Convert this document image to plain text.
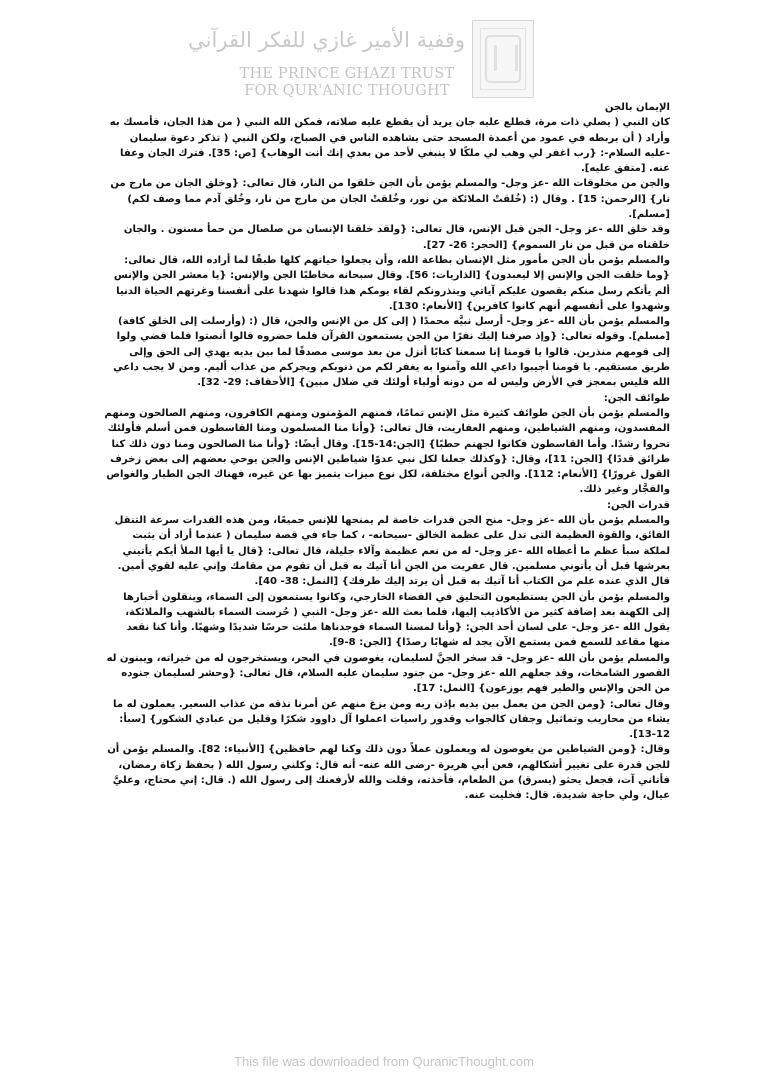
وقفية الأمير غازي للفكر القرآني
THE PRINCE GHAZI TRUST
FOR QUR'ANIC THOUGHT

الإيمان بالجن

كان النبي ( يصلي ذات مرة، فطلع عليه جان يريد أن يقطع عليه صلاته، فمكن الله النبي ( من هذا الجان، فأمسك به وأراد ( أن يربطه في عمود من أعمدة المسجد حتى يشاهده الناس في الصباح، ولكن النبي ( تذكر دعوة سليمان -عليه السلام-: {رب اغفر لي وهب لي ملكًا لا ينبغي لأحد من بعدي إنك أنت الوهاب} [ص: 35]. فترك الجان وعفا عنه. [متفق عليه].

والجن من مخلوقات الله -عز وجل- والمسلم يؤمن بأن الجن خلقوا من النار، قال تعالى: {وخلق الجان من مارج من نار} [الرحمن: 15] . وقال (: (خُلقتْ الملائكة من نور، وخُلقتْ الجان من مارج من نار، وخُلق آدم مما وصف لكم) [مسلم].

وقد خلق الله -عز وجل- الجن قبل الإنس، قال تعالى: {ولقد خلقنا الإنسان من صلصال من حمأ مسنون . والجان خلقناه من قبل من نار السموم} [الحجر: 26- 27].

والمسلم يؤمن بأن الجن مأمور مثل الإنسان بطاعة الله، وأن يجعلوا حياتهم كلها طبقًا لما أراده الله، قال تعالى: {وما خلقت الجن والإنس إلا ليعبدون} [الذاريات: 56]. وقال سبحانه مخاطبًا الجن والإنس: {يا معشر الجن والإنس ألم يأتكم رسل منكم يقصون عليكم آياتي وينذرونكم لقاء يومكم هذا قالوا شهدنا على أنفسنا وغرتهم الحياة الدنيا وشهدوا على أنفسهم أنهم كانوا كافرين} [الأنعام: 130].

والمسلم يؤمن بأن الله -عز وجل- أرسل نبيَّه محمدًا ( إلى كل من الإنس والجن، قال (: (وأرسلت إلى الخلق كافة) [مسلم]. وقوله تعالى: {وإذ صرفنا إليك نفرًا من الجن يستمعون القرآن فلما حضروه قالوا أنصتوا فلما قضي ولوا إلى قومهم منذرين. قالوا يا قومنا إنا سمعنا كتابًا أنزل من بعد موسى مصدقًا لما بين يديه يهدي إلى الحق وإلى طريق مستقيم. يا قومنا أجيبوا داعي الله وآمنوا به يغفر لكم من ذنوبكم ويجركم من عذاب أليم. ومن لا يجب داعي الله فليس بمعجز في الأرض وليس له من دونه أولياء أولئك في ضلال مبين} [الأحقاف: 29- 32].

طوائف الجن:

والمسلم يؤمن بأن الجن طوائف كثيرة مثل الإنس تمامًا، فمنهم المؤمنون ومنهم الكافرون، ومنهم الصالحون ومنهم المفسدون، ومنهم الشياطين، ومنهم العفاريت، قال تعالى: {وأنا منا المسلمون ومنا القاسطون فمن أسلم فأولئك تحروا رشدًا. وأما القاسطون فكانوا لجهنم حطبًا} [الجن:14-15]. وقال أيضًا: {وأنا منا الصالحون ومنا دون ذلك كنا طرائق قددًا} [الجن: 11]، وقال: {وكذلك جعلنا لكل نبي عدوًا شياطين الإنس والجن يوحي بعضهم إلى بعض زخرف القول غرورًا} [الأنعام: 112]. والجن أنواع مختلفة، لكل نوع ميزات يتميز بها عن غيره، فهناك الجن الطيار والغواص والفجَّار وغير ذلك.

قدرات الجن:

والمسلم يؤمن بأن الله -عز وجل- منح الجن قدرات خاصة لم يمنحها للإنس جميعًا، ومن هذه القدرات سرعة التنقل الفائق، والقوة العظيمة التى تدل على عظمة الخالق -سبحانه- ، كما جاء في قصة سليمان ( عندما أراد أن يثبت لملكة سبأ عظم ما أعطاه الله -عز وجل- له من نعم عظيمة وآلاء جليلة، قال تعالى: {قال يا أيها الملأ أيكم يأتيني بعرشها قبل أن يأتوني مسلمين. قال عفريت من الجن أنا آتيك به قبل أن تقوم من مقامك وإني عليه لقوي أمين. قال الذي عنده علم من الكتاب أنا آتيك به قبل أن يرتد إليك طرفك} [النمل: 38- 40].

والمسلم يؤمن بأن الجن يستطيعون التحليق في الفضاء الخارجي، وكانوا يستمعون إلى السماء، وينقلون أخبارها إلى الكهنة بعد إضافة كثير من الأكاذيب إليها، فلما بعث الله -عز وجل- النبي ( حُرست السماء بالشهب والملائكة، يقول الله -عز وجل- على لسان أحد الجن: {وأنا لمسنا السماء فوجدناها ملئت حرسًا شديدًا وشهبًا. وأنا كنا نقعد منها مقاعد للسمع فمن يستمع الآن يجد له شهابًا رصدًا} [الجن: 8-9].

والمسلم يؤمن بأن الله -عز وجل- قد سخر الجنَّ لسليمان، يغوصون في البحر، ويستخرجون له من خيراته، ويبنون له القصور الشامخات، وقد جعلهم الله -عز وجل- من جنود سليمان عليه السلام، قال تعالى: {وحشر لسليمان جنوده من الجن والإنس والطير فهم يوزعون} [النمل: 17].

وقال تعالى: {ومن الجن من يعمل بين يديه بإذن ربه ومن يزغ منهم عن أمرنا نذقه من عذاب السعير. يعملون له ما يشاء من محاريب وتماثيل وجفان كالجواب وقدور راسيات اعملوا آل داوود شكرًا وقليل من عبادي الشكور} [سبأ: 12-13].

وقال: {ومن الشياطين من يغوصون له ويعملون عملاً دون ذلك وكنا لهم حافظين} [الأنبياء: 82]. والمسلم يؤمن أن للجن قدرة على تغيير أشكالهم، فعن أبي هريرة -رضى الله عنه- أنه قال: وكلني رسول الله ( بحفظ زكاة رمضان، فأتاني آت، فجعل يحثو (يسرق) من الطعام، فأخذته، وقلت والله لأرفعنك إلى رسول الله (. قال: إني محتاج، وعليَّ عيال، ولي حاجة شديدة. قال: فخليت عنه.

This file was downloaded from QuranicThought.com
